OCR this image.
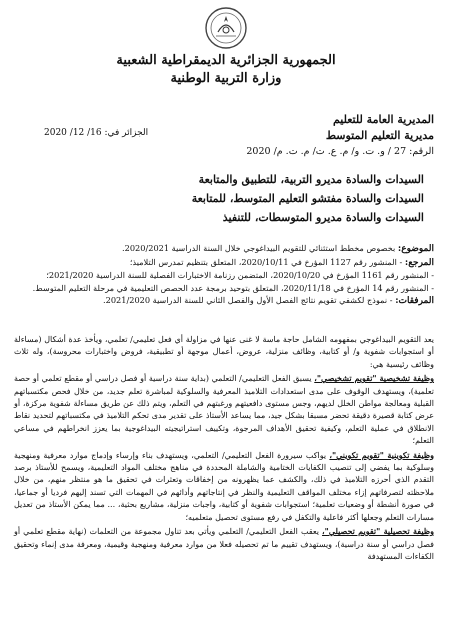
الجمهورية الجزائرية الديمقراطية الشعبية
وزارة التربية الوطنية
المديرية العامة للتعليم
مديرية التعليم المتوسط
الجزائر في: 16/ 12/ 2020
الرقم: 27 / و. ت. و/ م. ع. ت/ م. ت. م/ 2020
السيدات والسادة مديرو التربية، للتطبيق والمتابعة
السيدات والسادة مفتشو التعليم المتوسط، للمتابعة
السيدات والسادة مديرو المتوسطات، للتنفيذ
الموضوع: بخصوص مخطط استثنائي للتقويم البيداغوجي خلال السنة الدراسية 2020/2021.
المرجع: - المنشور رقم 1127 المؤرخ في 2020/10/11، المتعلق بتنظيم تمدرس التلاميذ؛
- المنشور رقم 1161 المؤرخ في 2020/10/20، المتضمن رزنامة الاختبارات الفصلية للسنة الدراسية 2021/2020؛
- المنشور رقم 14 المؤرخ في 2020/11/18، المتعلق بتوحيد برمجة عدد الحصص التعليمية في مرحلة التعليم المتوسط.
المرفقات: - نموذج لكشفي تقويم نتائج الفصل الأول والفصل الثاني للسنة الدراسية 2021/2020.

يعد التقويم البيداغوجي بمفهومه الشامل حاجة ماسة لا غنى عنها في مزاولة أي فعل تعليمي/ تعلمي، ويأخذ عدة أشكال (مساءلة أو استجوابات شفوية و/ أو كتابية، وظائف منزلية، عروض، أعمال موجهة أو تطبيقية، فروض واختبارات محروسة)، وله ثلاث وظائف رئيسية هي:

وظيفة تشخيصية "تقويم تشخيصي"، يسبق الفعل التعليمي/ التعلمي (بداية سنة دراسية أو فصل دراسي أو مقطع تعلمي أو حصة تعلمية)، ويستهدف الوقوف على مدى استعدادات التلاميذ المعرفية والسلوكية لمباشرة تعلم جديد، من خلال فحص مكتسباتهم القبلية ومعالجة مواطن الخلل لديهم، وجس مستوى دافعيتهم ورغبتهم في التعلم، ويتم ذلك عن طريق مساءلة شفوية مركزة، أو عرض كتابة قصيرة دقيقة تحضر مسبقا بشكل جيد، مما يساعد الأستاذ على تقدير مدى تحكم التلاميذ في مكتسباتهم لتحديد نقاط الانطلاق في عملية التعلم، وكيفية تحقيق الأهداف المرجوة، وتكييف استراتيجيته البيداغوجية بما يعزز انخراطهم في مساعي التعلم؛

وظيفة تكوينية "تقويم تكويني"، يواكب سيرورة الفعل التعليمي/ التعلمي، ويستهدف بناء وإرساء وإدماج موارد معرفية ومنهجية وسلوكية بما يفضي إلى تنصيب الكفايات الختامية والشاملة المحددة في مناهج مختلف المواد التعليمية، ويسمح للأستاذ برصد التقدم الذي أحرزه التلاميذ في ذلك، والكشف عما يظهرونه من إخفاقات وتعثرات في تحقيق ما هو منتظر منهم، من خلال ملاحظته لتصرفاتهم إزاء مختلف المواقف التعليمية والنظر في إنتاجاتهم وأدائهم في المهمات التي تسند إليهم فرديا أو جماعيا، في صورة أنشطة أو وضعيات تعلمية؛ استجوابات شفوية أو كتابية، واجبات منزلية، مشاريع بحثية، ... مما يمكن الأستاذ من تعديل مسارات التعلم وجعلها أكثر فاعلية والتكفل في رفع مستوى تحصيل متعلميه؛

وظيفة تحصيلية "تقويم تحصيلي"، يعقب الفعل التعليمي/ التعلمي ويأتي بعد تناول مجموعة من التعلمات (نهاية مقطع تعلمي أو فصل دراسي أو سنة دراسية)، ويستهدف تقييم ما تم تحصيله فعلا من موارد معرفية ومنهجية وقيمية، ومعرفة مدى إنماء وتحقيق الكفاءات المستهدفة
